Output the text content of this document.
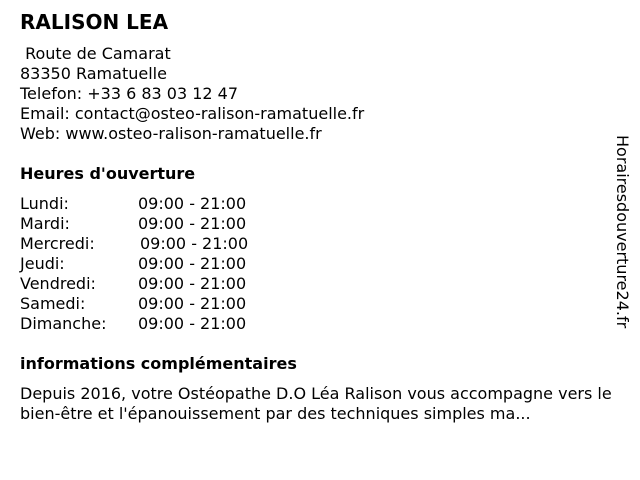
RALISON LEA
Route de Camarat
83350 Ramatuelle
Telefon: +33 6 83 03 12 47
Email: contact@osteo-ralison-ramatuelle.fr
Web: www.osteo-ralison-ramatuelle.fr
Heures d'ouverture
Lundi:	09:00 - 21:00
Mardi:	09:00 - 21:00
Mercredi:	09:00 - 21:00
Jeudi:	09:00 - 21:00
Vendredi:	09:00 - 21:00
Samedi:	09:00 - 21:00
Dimanche: 09:00 - 21:00
informations complémentaires
Depuis 2016, votre Ostéopathe D.O Léa Ralison vous accompagne vers le bien-être et l'épanouissement par des techniques simples ma...
Horairesdouverture24.fr
